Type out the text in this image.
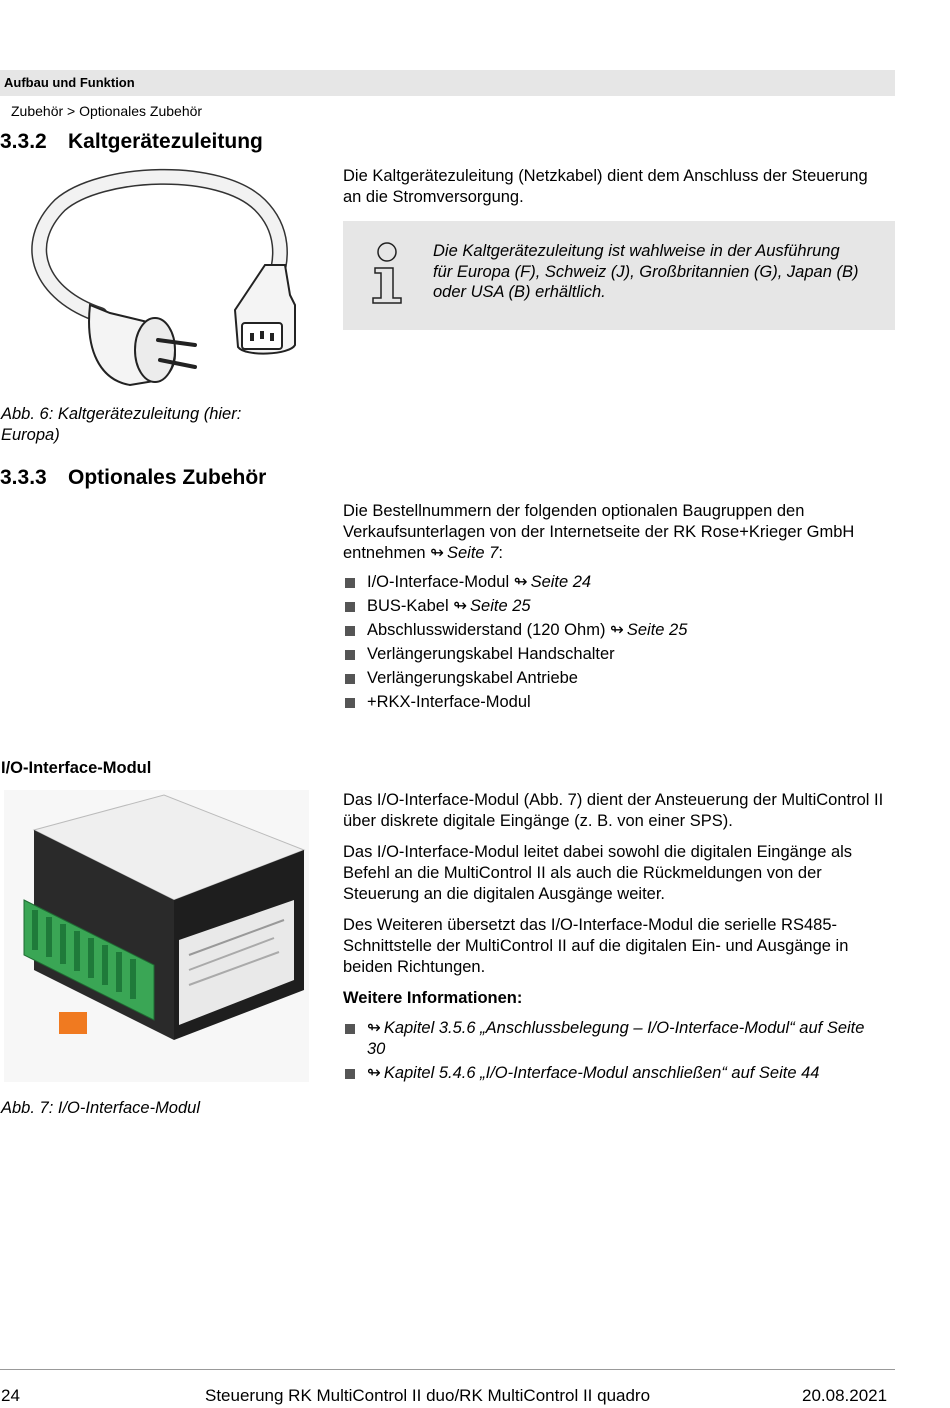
Aufbau und Funktion
Zubehör > Optionales Zubehör
3.3.2 Kaltgerätezuleitung
Die Kaltgerätezuleitung (Netzkabel) dient dem Anschluss der Steuerung an die Stromversorgung.
Die Kaltgerätezuleitung ist wahlweise in der Ausführung für Europa (F), Schweiz (J), Großbritannien (G), Japan (B) oder USA (B) erhältlich.
Abb. 6: Kaltgerätezuleitung (hier: Europa)
3.3.3 Optionales Zubehör
Die Bestellnummern der folgenden optionalen Baugruppen den Verkaufsunterlagen von der Internetseite der RK Rose+Krieger GmbH entnehmen ↬ Seite 7:
I/O-Interface-Modul ↬ Seite 24
BUS-Kabel ↬ Seite 25
Abschlusswiderstand (120 Ohm) ↬ Seite 25
Verlängerungskabel Handschalter
Verlängerungskabel Antriebe
+RKX-Interface-Modul
I/O-Interface-Modul

Das I/O-Interface-Modul (Abb. 7) dient der Ansteuerung der MultiControl II über diskrete digitale Eingänge (z. B. von einer SPS).

Das I/O-Interface-Modul leitet dabei sowohl die digitalen Eingänge als Befehl an die MultiControl II als auch die Rückmeldungen von der Steuerung an die digitalen Ausgänge weiter.

Des Weiteren übersetzt das I/O-Interface-Modul die serielle RS485-Schnittstelle der MultiControl II auf die digitalen Ein- und Ausgänge in beiden Richtungen.

Weitere Informationen:

↬ Kapitel 3.5.6 „Anschlussbelegung – I/O-Interface-Modul“ auf Seite 30
↬ Kapitel 5.4.6 „I/O-Interface-Modul anschließen“ auf Seite 44
Abb. 7: I/O-Interface-Modul
24	Steuerung RK MultiControl II duo/RK MultiControl II quadro	20.08.2021
